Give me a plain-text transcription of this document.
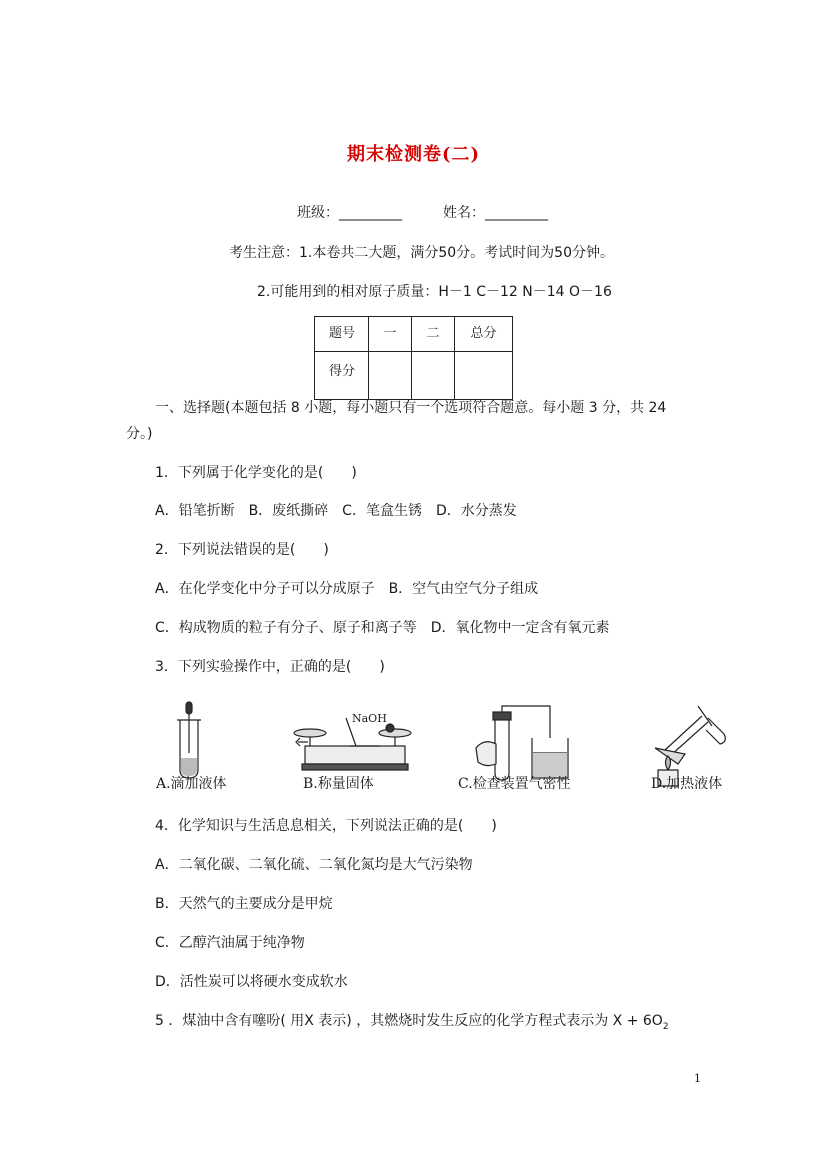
期末检测卷(二)
班级：_________	姓名：_________
考生注意：1.本卷共二大题，满分50分。考试时间为50分钟。
2.可能用到的相对原子质量：H－1 C－12 N－14 O－16
题号	一	二	总分
得分			
一、选择题(本题包括 8 小题，每小题只有一个选项符合题意。每小题 3 分，共 24
分。)
1．下列属于化学变化的是(　　)
A．铅笔折断　B．废纸撕碎　C．笔盒生锈　D．水分蒸发
2．下列说法错误的是(　　)
A．在化学变化中分子可以分成原子　B．空气由空气分子组成
C．构成物质的粒子有分子、原子和离子等　D．氧化物中一定含有氧元素
3．下列实验操作中，正确的是(　　)
NaOH
A.滴加液体	B.称量固体	C.检查装置气密性	D.加热液体
4．化学知识与生活息息相关，下列说法正确的是(　　)
A．二氧化碳、二氧化硫、二氧化氮均是大气污染物
B．天然气的主要成分是甲烷
C．乙醇汽油属于纯净物
D．活性炭可以将硬水变成软水
5 ．煤油中含有噻吩( 用X 表示) ，其燃烧时发生反应的化学方程式表示为 $X + 6O_2$
1
